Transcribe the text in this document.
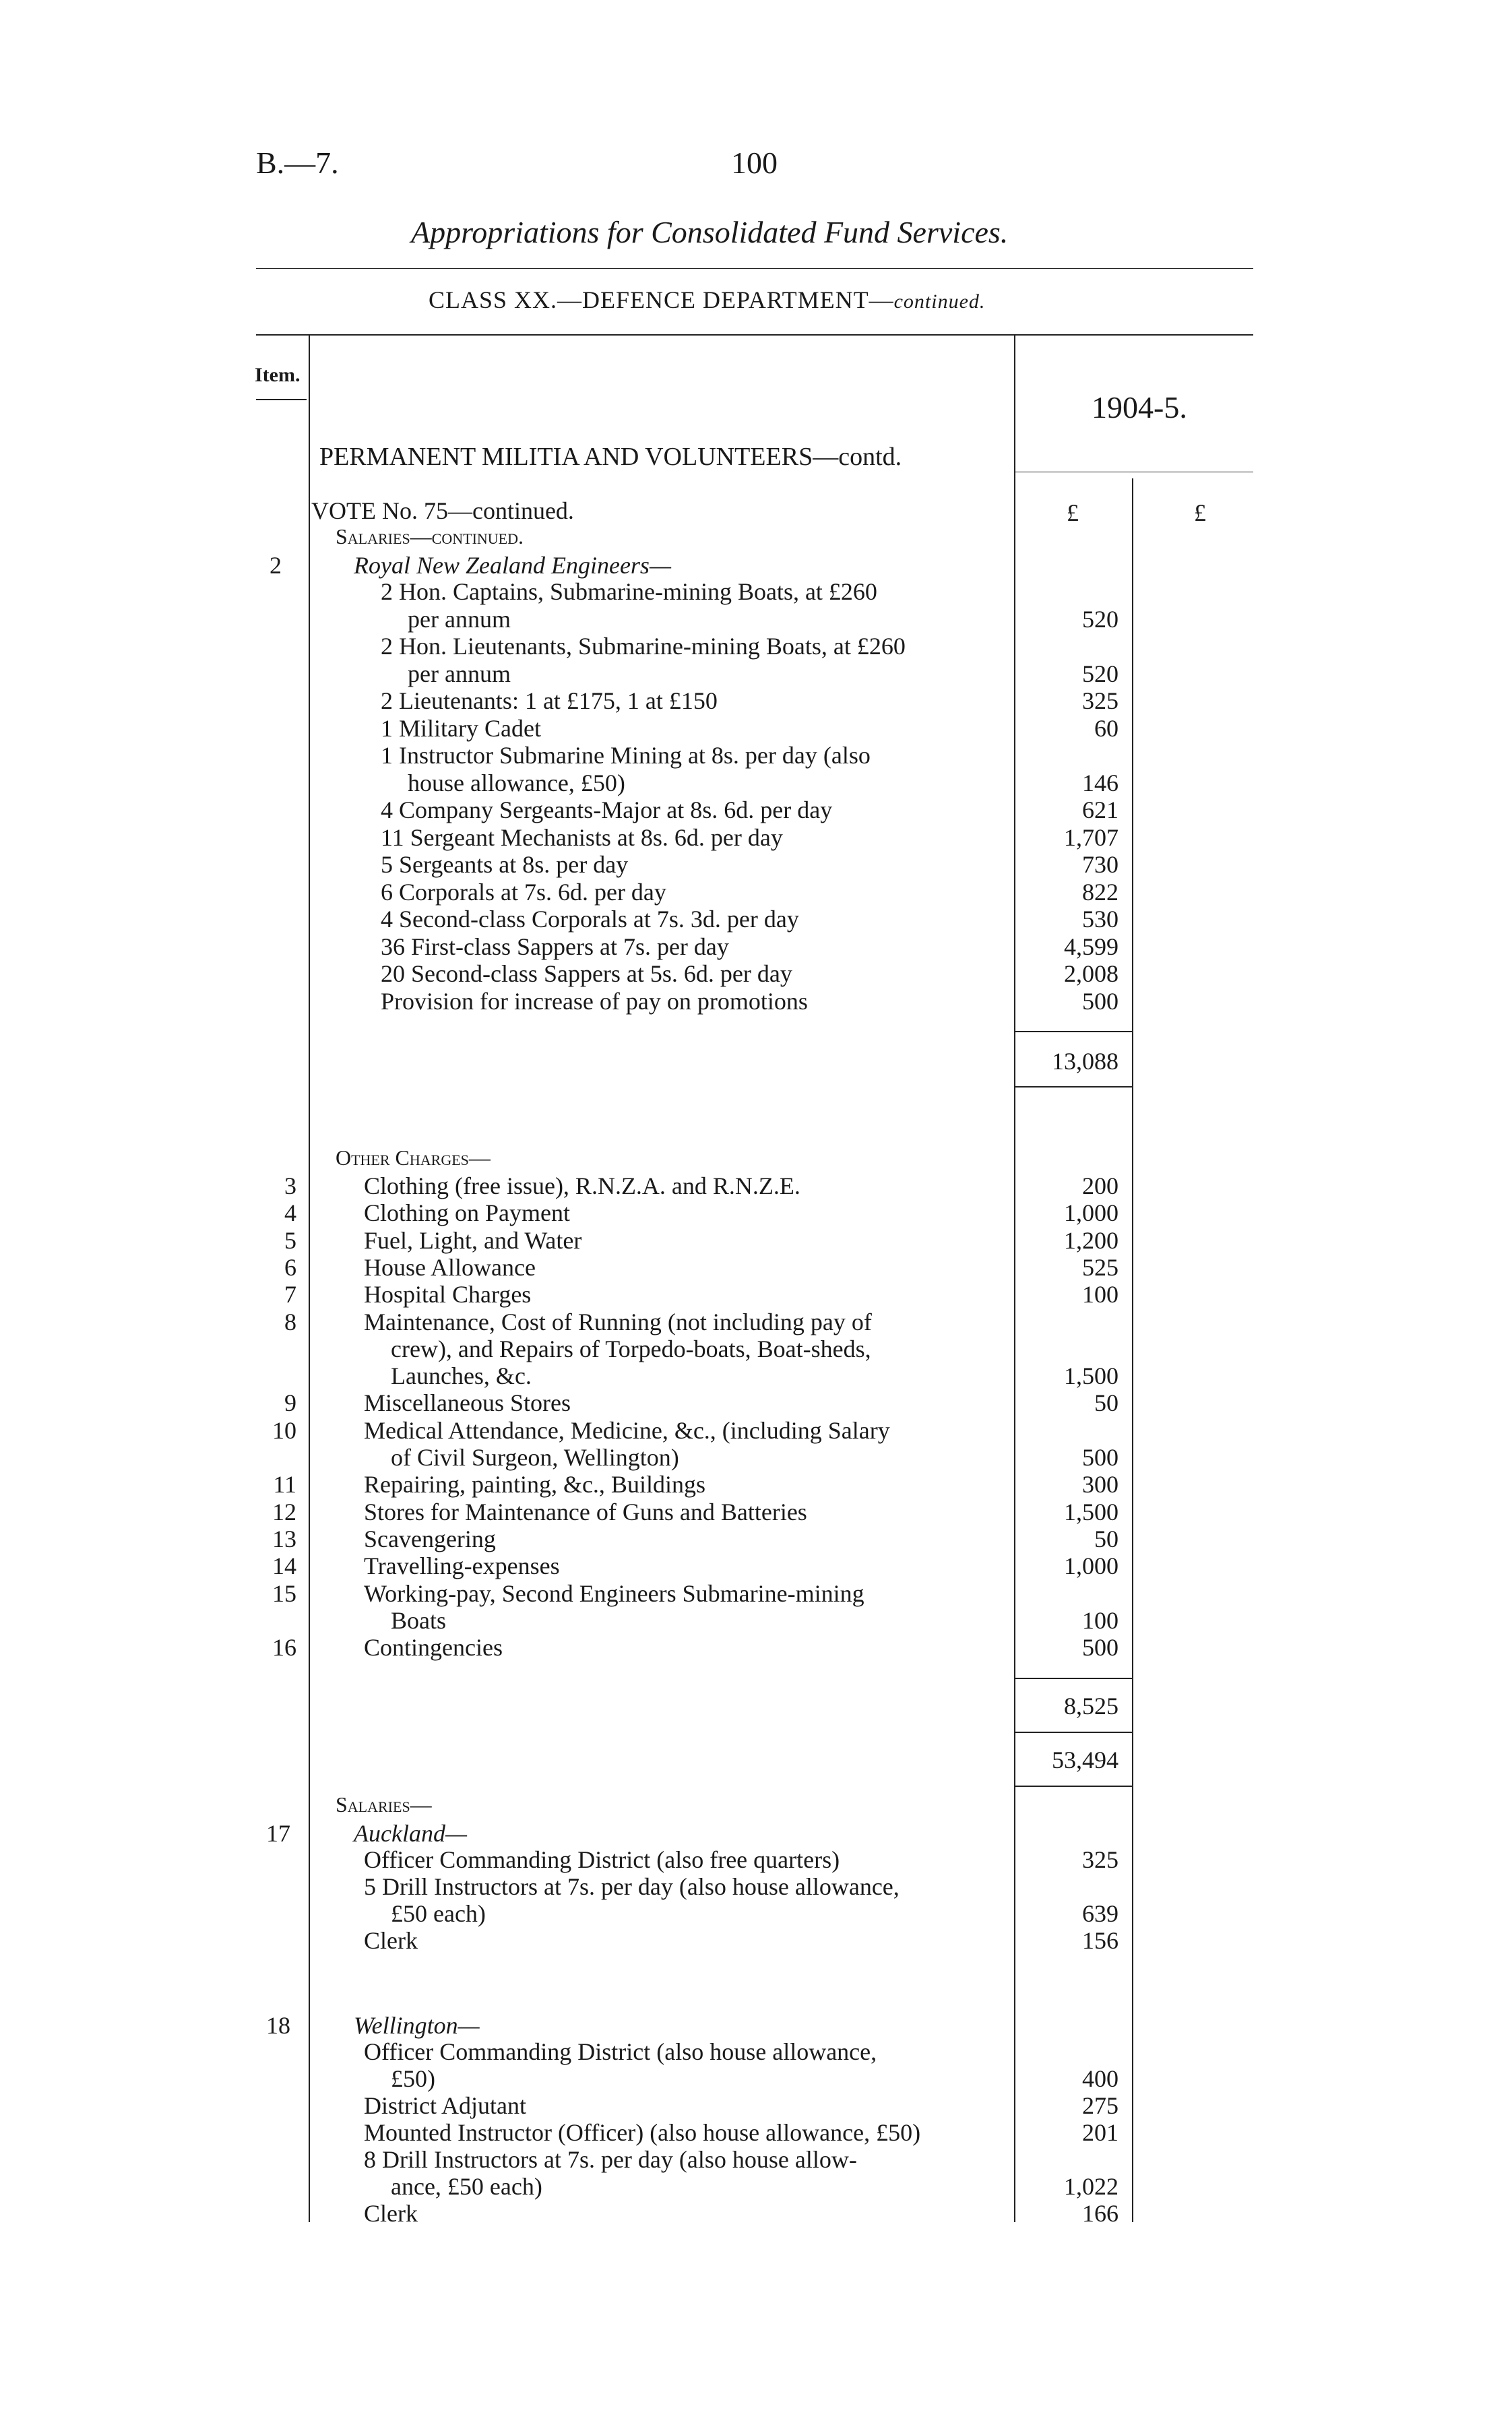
B.—7.	100
Appropriations for Consolidated Fund Services.
CLASS XX.—DEFENCE DEPARTMENT—continued.
Item.
1904-5.
PERMANENT MILITIA AND VOLUNTEERS—contd.
VOTE No. 75—continued.	£	£
Salaries—continued.
2	Royal New Zealand Engineers—
2 Hon. Captains, Submarine-mining Boats, at £260
per annum	520
2 Hon. Lieutenants, Submarine-mining Boats, at £260
per annum	520
2 Lieutenants: 1 at £175, 1 at £150	325
1 Military Cadet	60
1 Instructor Submarine Mining at 8s. per day (also
house allowance, £50)	146
4 Company Sergeants-Major at 8s. 6d. per day	621
11 Sergeant Mechanists at 8s. 6d. per day	1,707
5 Sergeants at 8s. per day	730
6 Corporals at 7s. 6d. per day	822
4 Second-class Corporals at 7s. 3d. per day	530
36 First-class Sappers at 7s. per day	4,599
20 Second-class Sappers at 5s. 6d. per day	2,008
Provision for increase of pay on promotions	500
13,088
Other Charges—
3	Clothing (free issue), R.N.Z.A. and R.N.Z.E.	200
4	Clothing on Payment	1,000
5	Fuel, Light, and Water	1,200
6	House Allowance	525
7	Hospital Charges	100
8	Maintenance, Cost of Running (not including pay of
crew), and Repairs of Torpedo-boats, Boat-sheds,
Launches, &c.	1,500
9	Miscellaneous Stores	50
10	Medical Attendance, Medicine, &c., (including Salary
of Civil Surgeon, Wellington)	500
11	Repairing, painting, &c., Buildings	300
12	Stores for Maintenance of Guns and Batteries	1,500
13	Scavengering	50
14	Travelling-expenses	1,000
15	Working-pay, Second Engineers Submarine-mining
Boats	100
16	Contingencies	500
8,525
53,494
Salaries—
17	Auckland—
Officer Commanding District (also free quarters)	325
5 Drill Instructors at 7s. per day (also house allowance,
£50 each)	639
Clerk	156
18	Wellington—
Officer Commanding District (also house allowance,
£50)	400
District Adjutant	275
Mounted Instructor (Officer) (also house allowance, £50)	201
8 Drill Instructors at 7s. per day (also house allow-
ance, £50 each)	1,022
Clerk	166
